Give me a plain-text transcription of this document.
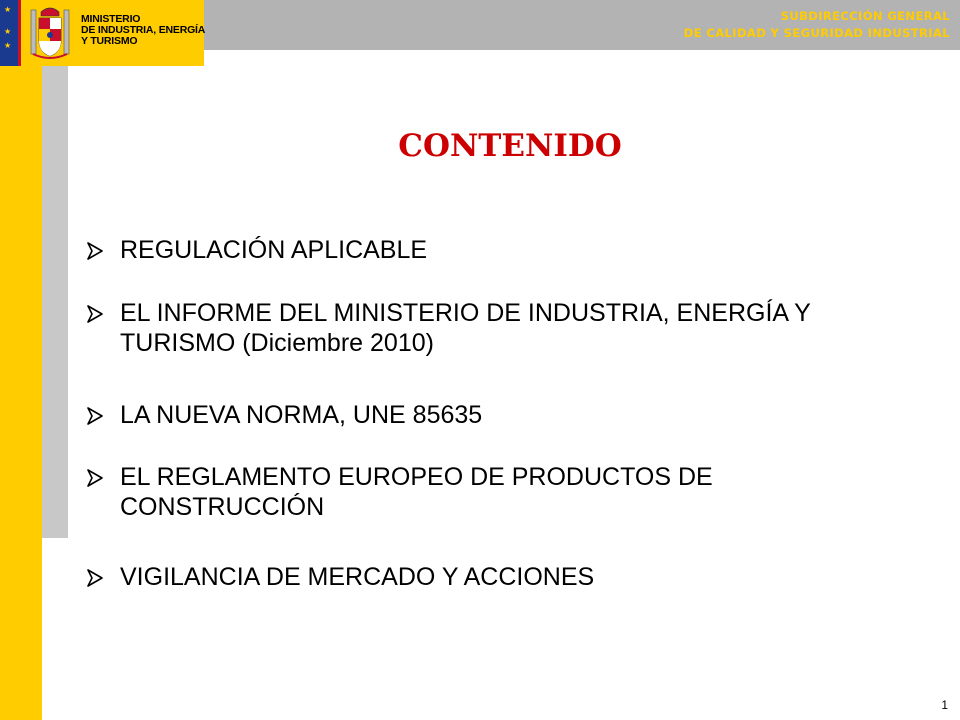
★
★
★
MINISTERIO
DE INDUSTRIA, ENERGÍA
Y TURISMO
SUBDIRECCIÓN GENERAL
DE CALIDAD Y SEGURIDAD INDUSTRIAL
CONTENIDO
REGULACIÓN APLICABLE
EL INFORME DEL MINISTERIO DE INDUSTRIA, ENERGÍA Y TURISMO (Diciembre 2010)
LA NUEVA NORMA, UNE 85635
EL REGLAMENTO EUROPEO DE PRODUCTOS DE CONSTRUCCIÓN
VIGILANCIA DE MERCADO Y ACCIONES
1
